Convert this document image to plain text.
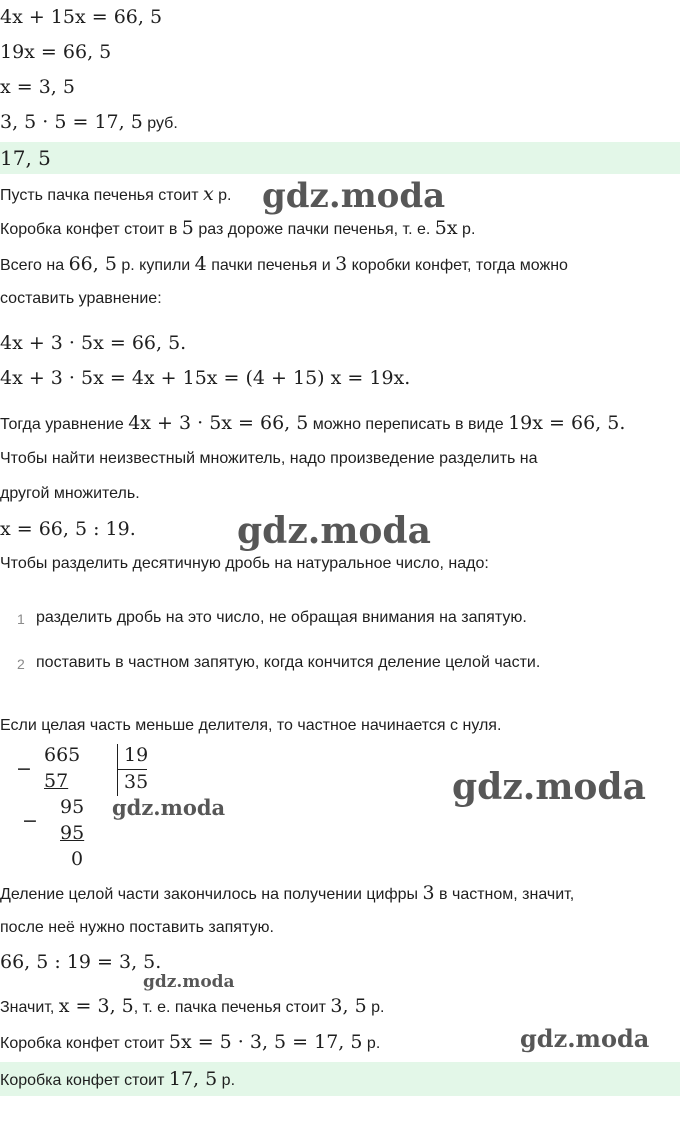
4x + 15x = 66, 5
19x = 66, 5
x = 3, 5
3, 5 · 5 = 17, 5 руб.
17, 5
Пусть пачка печенья стоит x р.
Коробка конфет стоит в 5 раз дороже пачки печенья, т. е. 5x р.
Всего на 66, 5 р. купили 4 пачки печенья и 3 коробки конфет, тогда можно
составить уравнение:
4x + 3 · 5x = 66, 5.
4x + 3 · 5x = 4x + 15x = (4 + 15) x = 19x.
Тогда уравнение 4x + 3 · 5x = 66, 5 можно переписать в виде 19x = 66, 5.
Чтобы найти неизвестный множитель, надо произведение разделить на
другой множитель.
x = 66, 5 : 19.
Чтобы разделить десятичную дробь на натуральное число, надо:
1 разделить дробь на это число, не обращая внимания на запятую.
2 поставить в частном запятую, когда кончится деление целой части.
Если целая часть меньше делителя, то частное начинается с нуля.
−
665
57
−
95
95
0
19
35
Деление целой части закончилось на получении цифры 3 в частном, значит,
после неё нужно поставить запятую.
66, 5 : 19 = 3, 5.
Значит, x = 3, 5, т. е. пачка печенья стоит 3, 5 р.
Коробка конфет стоит 5x = 5 · 3, 5 = 17, 5 р.
Коробка конфет стоит 17, 5 р.
gdz.moda
gdz.moda
gdz.moda
gdz.moda
gdz.moda
gdz.moda
